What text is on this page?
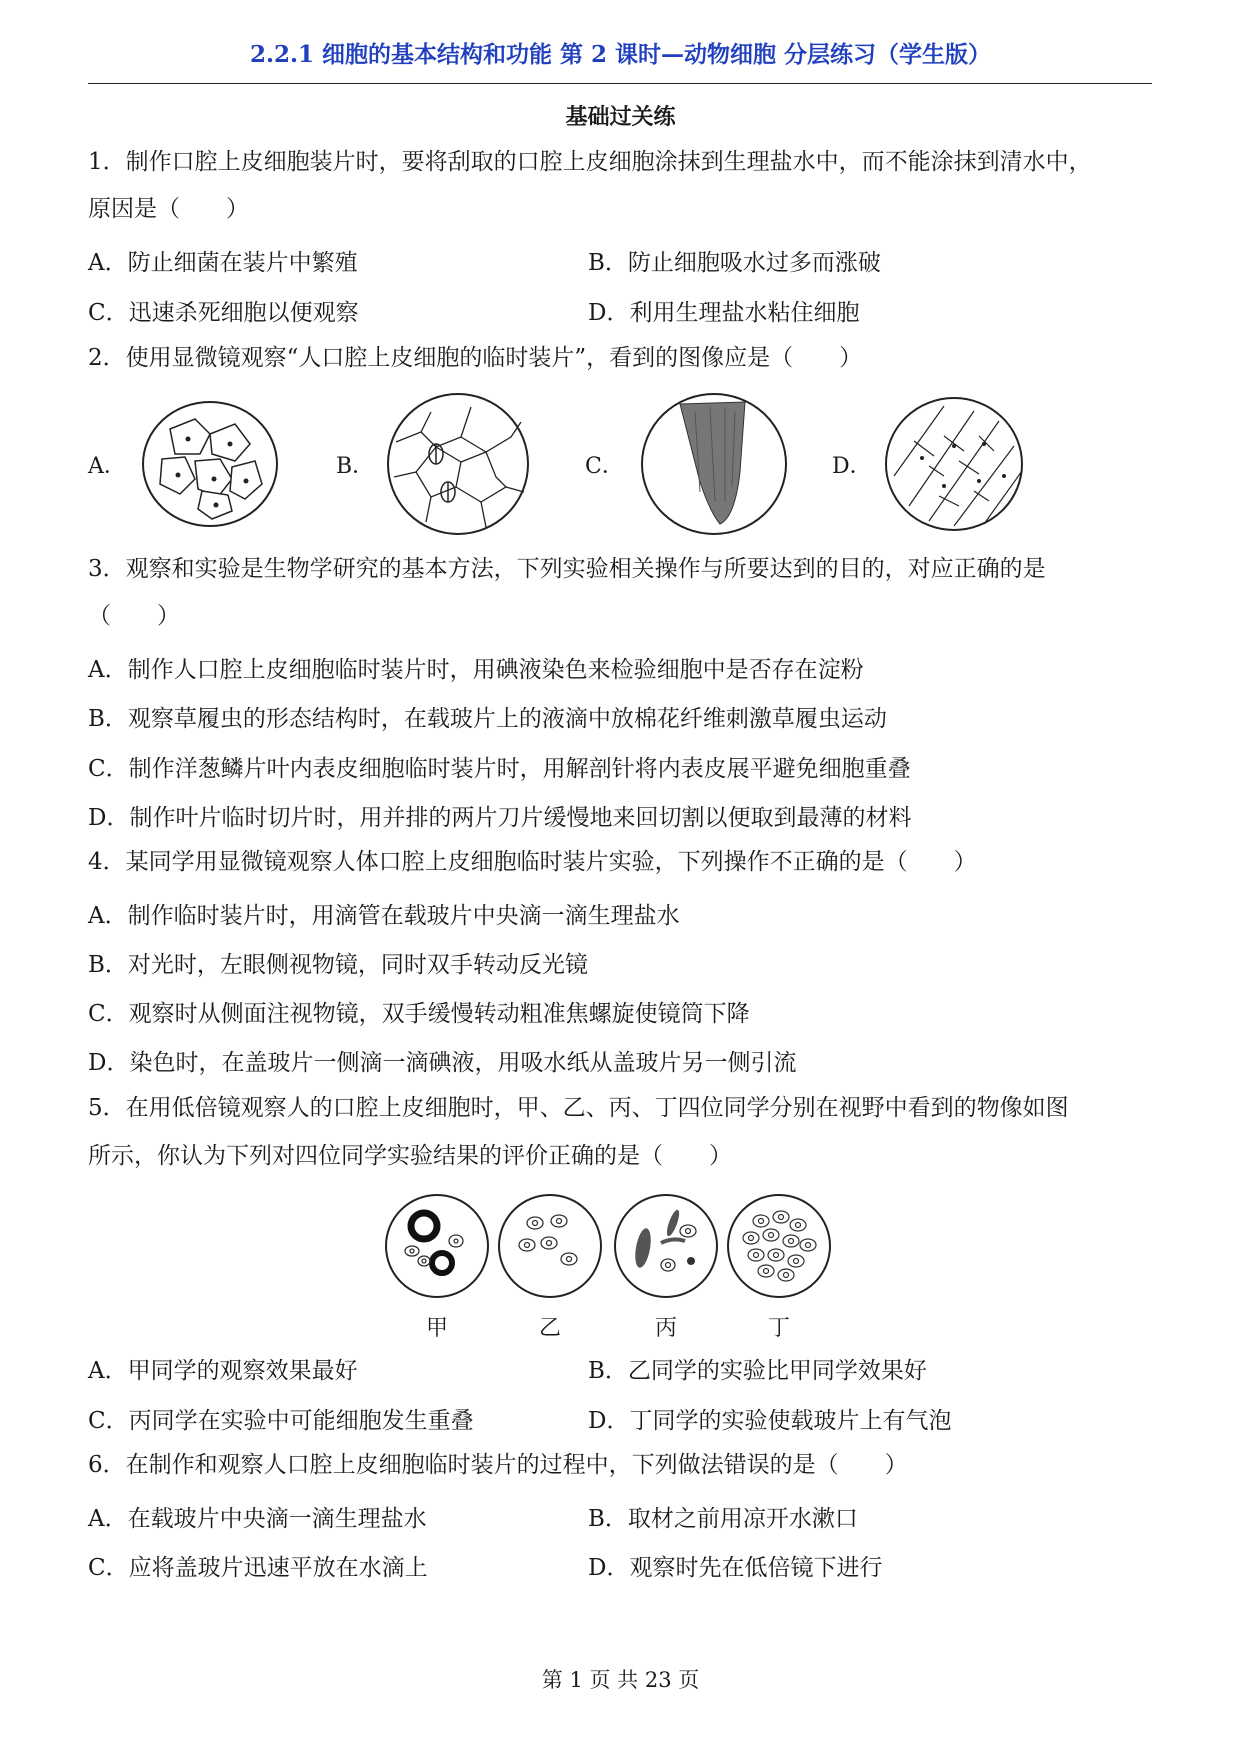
2.2.1 细胞的基本结构和功能 第 2 课时—动物细胞 分层练习（学生版）
基础过关练
1．制作口腔上皮细胞装片时，要将刮取的口腔上皮细胞涂抹到生理盐水中，而不能涂抹到清水中，
原因是（　　）
A．防止细菌在装片中繁殖	B．防止细胞吸水过多而涨破
C．迅速杀死细胞以便观察	D．利用生理盐水粘住细胞
2．使用显微镜观察“人口腔上皮细胞的临时装片”，看到的图像应是（　　）
A．	B．	C．	D．
3．观察和实验是生物学研究的基本方法，下列实验相关操作与所要达到的目的，对应正确的是
（　　）
A．制作人口腔上皮细胞临时装片时，用碘液染色来检验细胞中是否存在淀粉
B．观察草履虫的形态结构时，在载玻片上的液滴中放棉花纤维刺激草履虫运动
C．制作洋葱鳞片叶内表皮细胞临时装片时，用解剖针将内表皮展平避免细胞重叠
D．制作叶片临时切片时，用并排的两片刀片缓慢地来回切割以便取到最薄的材料
4．某同学用显微镜观察人体口腔上皮细胞临时装片实验，下列操作不正确的是（　　）
A．制作临时装片时，用滴管在载玻片中央滴一滴生理盐水
B．对光时，左眼侧视物镜，同时双手转动反光镜
C．观察时从侧面注视物镜，双手缓慢转动粗准焦螺旋使镜筒下降
D．染色时，在盖玻片一侧滴一滴碘液，用吸水纸从盖玻片另一侧引流
5．在用低倍镜观察人的口腔上皮细胞时，甲、乙、丙、丁四位同学分别在视野中看到的物像如图
所示，你认为下列对四位同学实验结果的评价正确的是（　　）
甲	乙	丙	丁
A．甲同学的观察效果最好	B．乙同学的实验比甲同学效果好
C．丙同学在实验中可能细胞发生重叠	D．丁同学的实验使载玻片上有气泡
6．在制作和观察人口腔上皮细胞临时装片的过程中，下列做法错误的是（　　）
A．在载玻片中央滴一滴生理盐水	B．取材之前用凉开水漱口
C．应将盖玻片迅速平放在水滴上	D．观察时先在低倍镜下进行
第 1 页 共 23 页
